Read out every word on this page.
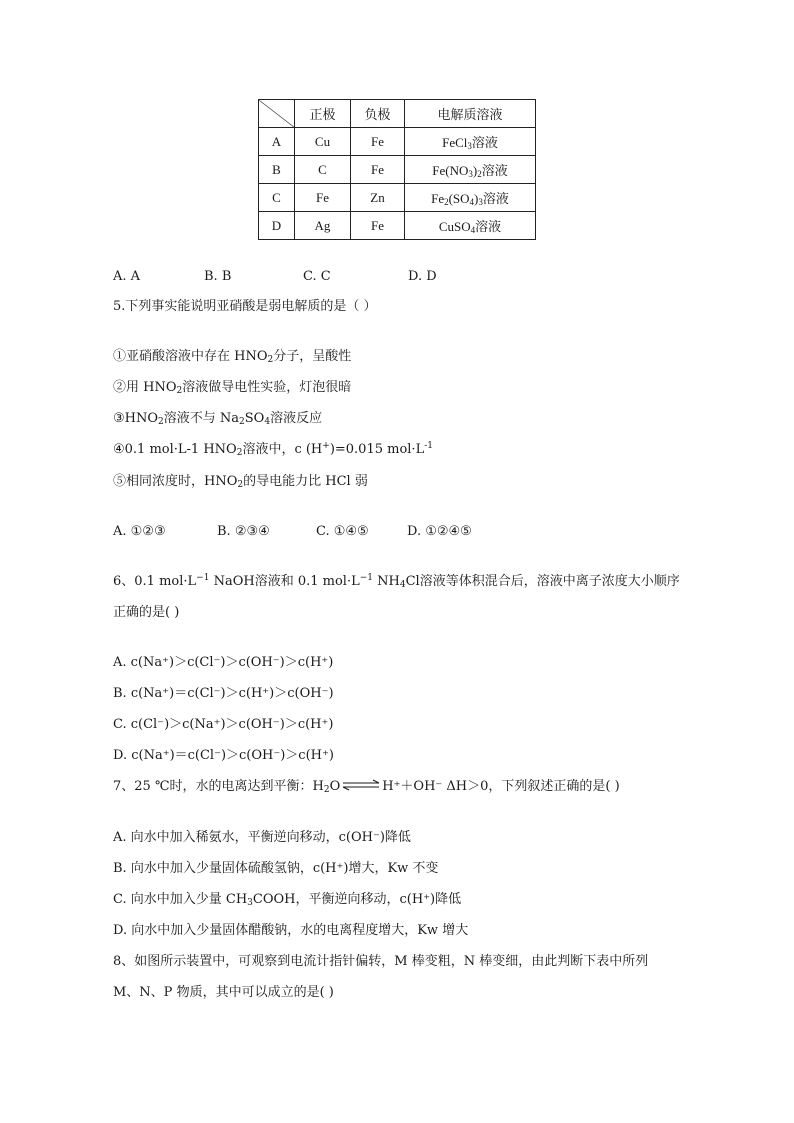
	正极	负极	电解质溶液
A	Cu	Fe	FeCl$_3$溶液
B	C	Fe	$Fe(NO_3)_2$溶液
C	Fe	Zn	$Fe_2(SO_4)_3$溶液
D	Ag	Fe	CuSO$_4$溶液
A. A	B. B	C. C	D. D
5.下列事实能说明亚硝酸是弱电解质的是（ ）
①亚硝酸溶液中存在 $HNO_2$分子，呈酸性
②用 $HNO_2$溶液做导电性实验，灯泡很暗
$③HNO_2$溶液不与 $Na_2SO_4$溶液反应
④0.1 mol·L-1 $HNO_2$溶液中，c (H+)=0.015 $mol\cdot L^{-1}$
⑤相同浓度时，$HNO_2$的导电能力比 HCl 弱
A. ①②③	B. ②③④	C. ①④⑤	D. ①②④⑤
6、0.1 $mol\cdot L^{-1}$ NaOH溶液和 0.1 $mol\cdot L^{-1}$ $NH_4Cl$溶液等体积混合后，溶液中离子浓度大小顺序
正确的是( )
A. c(Na⁺)＞c(Cl⁻)＞c(OH⁻)＞c(H⁺)
B. c(Na⁺)＝c(Cl⁻)＞c(H⁺)＞c(OH⁻)
C. c(Cl⁻)＞c(Na⁺)＞c(OH⁻)＞c(H⁺)
D. c(Na⁺)＝c(Cl⁻)＞c(OH⁻)＞c(H⁺)
7、25 ℃时，水的电离达到平衡：$H_2O$ ⇌ H⁺＋OH⁻ ΔH＞0，下列叙述正确的是( )
A. 向水中加入稀氨水，平衡逆向移动，c(OH⁻)降低
B. 向水中加入少量固体硫酸氢钠，c(H⁺)增大，Kw 不变
C. 向水中加入少量 $CH_3COOH$，平衡逆向移动，c(H⁺)降低
D. 向水中加入少量固体醋酸钠，水的电离程度增大，Kw 增大
8、如图所示装置中，可观察到电流计指针偏转，M 棒变粗，N 棒变细，由此判断下表中所列
M、N、P 物质，其中可以成立的是( )
